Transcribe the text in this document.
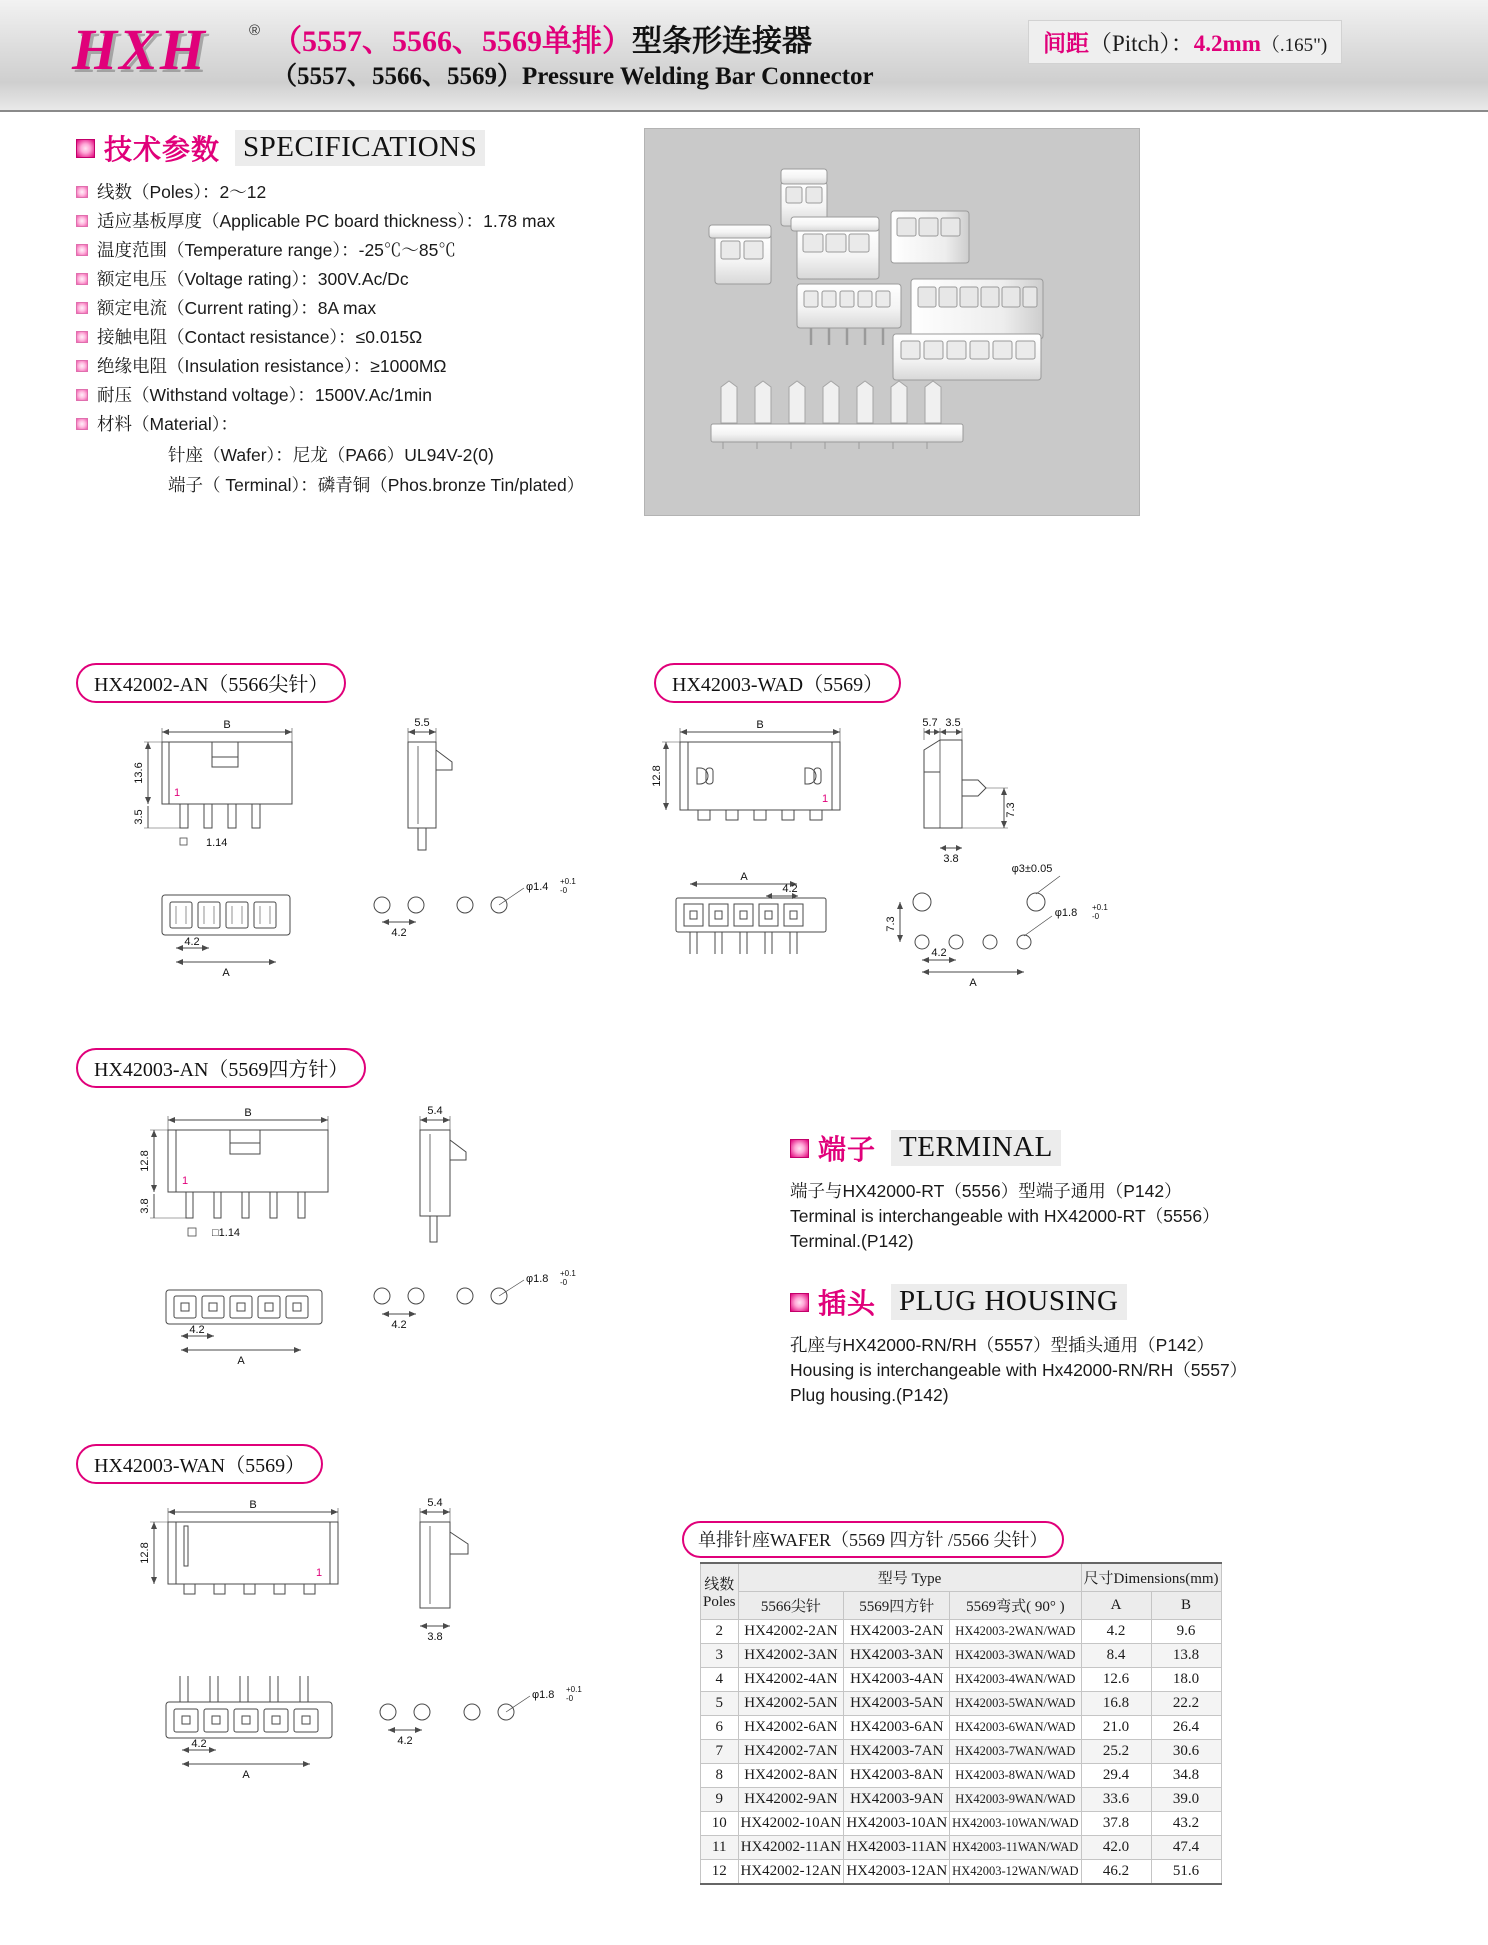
HXH	® （5557、5566、5569单排）型条形连接器
（5557、5566、5569）Pressure Welding Bar Connector
间距（Pitch）：4.2mm（.165")
技术参数 SPECIFICATIONS
线数（Poles）：2～12
适应基板厚度（Applicable PC board thickness）：1.78 max
温度范围（Temperature range）：-25℃～85℃
额定电压（Voltage rating）：300V.Ac/Dc
额定电流（Current rating）：8A max
接触电阻（Contact resistance）：≤0.015Ω
绝缘电阻（Insulation resistance）：≥1000MΩ
耐压（Withstand voltage）：1500V.Ac/1min
材料（Material）：
针座（Wafer）：尼龙（PA66）UL94V-2(0)
端子（ Terminal）：磷青铜（Phos.bronze Tin/plated）
HX42002-AN（5566尖针）
B
13.6
3.5
1.14
1
5.5
4.2
A
4.2
φ1.4 +0.1
-0
HX42003-WAD（5569）
B
12.8
1
5.7 3.5
7.3
3.8
A
4.2
φ3±0.05
φ1.8 +0.1
-0
7.3
4.2
A
HX42003-AN（5569四方针）
B
12.8
3.8
□1.14
1
5.4
4.2
A
4.2
φ1.8 +0.1
-0
端子 TERMINAL
端子与HX42000-RT（5556）型端子通用（P142）
Terminal is interchangeable with HX42000-RT（5556）
Terminal.(P142)
插头 PLUG HOUSING
孔座与HX42000-RN/RH（5557）型插头通用（P142）
Housing is interchangeable with Hx42000-RN/RH（5557）
Plug housing.(P142)
HX42003-WAN（5569）
B
12.8
1
5.4
3.8
4.2
A
4.2
φ1.8 +0.1
-0
单排针座WAFER（5569 四方针 /5566 尖针）
线数
Poles	型号 Type			尺寸Dimensions(mm)	
	5566尖针	5569四方针	5569弯式( 90° )	A	B
2	HX42002-2AN	HX42003-2AN	HX42003-2WAN/WAD	4.2	9.6
3	HX42002-3AN	HX42003-3AN	HX42003-3WAN/WAD	8.4	13.8
4	HX42002-4AN	HX42003-4AN	HX42003-4WAN/WAD	12.6	18.0
5	HX42002-5AN	HX42003-5AN	HX42003-5WAN/WAD	16.8	22.2
6	HX42002-6AN	HX42003-6AN	HX42003-6WAN/WAD	21.0	26.4
7	HX42002-7AN	HX42003-7AN	HX42003-7WAN/WAD	25.2	30.6
8	HX42002-8AN	HX42003-8AN	HX42003-8WAN/WAD	29.4	34.8
9	HX42002-9AN	HX42003-9AN	HX42003-9WAN/WAD	33.6	39.0
10	HX42002-10AN	HX42003-10AN	HX42003-10WAN/WAD	37.8	43.2
11	HX42002-11AN	HX42003-11AN	HX42003-11WAN/WAD	42.0	47.4
12	HX42002-12AN	HX42003-12AN	HX42003-12WAN/WAD	46.2	51.6
